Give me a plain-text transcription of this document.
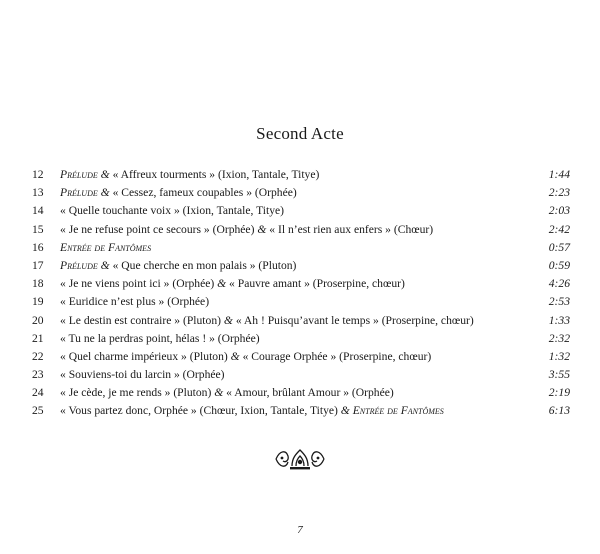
Second Acte
12	Prélude & « Affreux tourments » (Ixion, Tantale, Titye)	1:44
13	Prélude & « Cessez, fameux coupables » (Orphée)	2:23
14	« Quelle touchante voix » (Ixion, Tantale, Titye)	2:03
15	« Je ne refuse point ce secours » (Orphée) & « Il n’est rien aux enfers » (Chœur)	2:42
16	Entrée de Fantômes	0:57
17	Prélude & « Que cherche en mon palais » (Pluton)	0:59
18	« Je ne viens point ici » (Orphée) & « Pauvre amant » (Proserpine, chœur)	4:26
19	« Euridice n’est plus » (Orphée)	2:53
20	« Le destin est contraire » (Pluton) & « Ah ! Puisqu’avant le temps » (Proserpine, chœur)	1:33
21	« Tu ne la perdras point, hélas ! » (Orphée)	2:32
22	« Quel charme impérieux » (Pluton) & « Courage Orphée » (Proserpine, chœur)	1:32
23	« Souviens-toi du larcin » (Orphée)	3:55
24	« Je cède, je me rends » (Pluton) & « Amour, brûlant Amour » (Orphée)	2:19
25	« Vous partez donc, Orphée » (Chœur, Ixion, Tantale, Titye) & Entrée de Fantômes	6:13
7
